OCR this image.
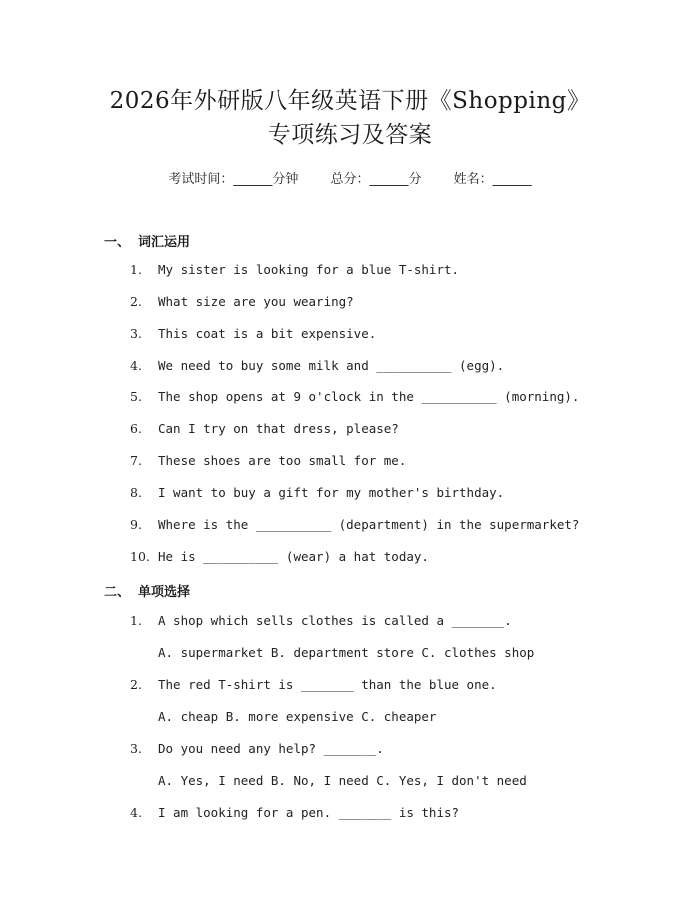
2026年外研版八年级英语下册《Shopping》
专项练习及答案
考试时间：______分钟 总分：______分 姓名：______
一、 词汇运用
1. My sister is looking for a blue T-shirt.
2. What size are you wearing?
3. This coat is a bit expensive.
4. We need to buy some milk and __________ (egg).
5. The shop opens at 9 o'clock in the __________ (morning).
6. Can I try on that dress, please?
7. These shoes are too small for me.
8. I want to buy a gift for my mother's birthday.
9. Where is the __________ (department) in the supermarket?
10. He is __________ (wear) a hat today.
二、 单项选择
1. A shop which sells clothes is called a _______.
A. supermarket B. department store C. clothes shop
2. The red T-shirt is _______ than the blue one.
A. cheap B. more expensive C. cheaper
3. Do you need any help? _______.
A. Yes, I need B. No, I need C. Yes, I don't need
4. I am looking for a pen. _______ is this?
